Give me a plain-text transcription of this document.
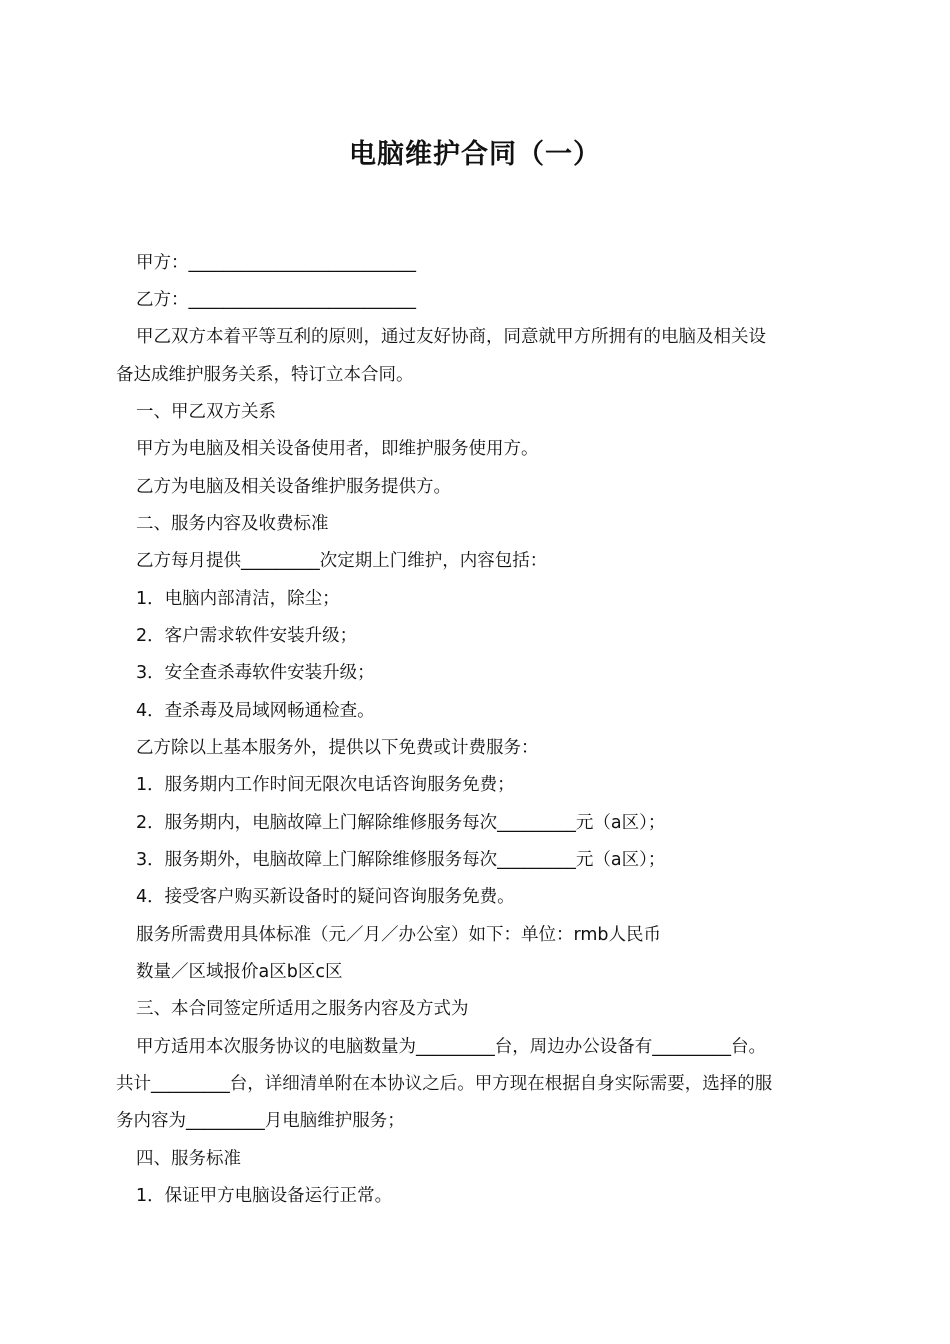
电脑维护合同（一）
甲方：__________________________
乙方：__________________________
甲乙双方本着平等互利的原则，通过友好协商，同意就甲方所拥有的电脑及相关设
备达成维护服务关系，特订立本合同。
一、甲乙双方关系
甲方为电脑及相关设备使用者，即维护服务使用方。
乙方为电脑及相关设备维护服务提供方。
二、服务内容及收费标准
乙方每月提供_________次定期上门维护，内容包括：
1．电脑内部清洁，除尘；
2．客户需求软件安装升级；
3．安全查杀毒软件安装升级；
4．查杀毒及局域网畅通检查。
乙方除以上基本服务外，提供以下免费或计费服务：
1．服务期内工作时间无限次电话咨询服务免费；
2．服务期内，电脑故障上门解除维修服务每次_________元（a区）；
3．服务期外，电脑故障上门解除维修服务每次_________元（a区）；
4．接受客户购买新设备时的疑问咨询服务免费。
服务所需费用具体标准（元／月／办公室）如下：单位：rmb人民币
数量／区域报价a区b区c区
三、本合同签定所适用之服务内容及方式为
甲方适用本次服务协议的电脑数量为_________台，周边办公设备有_________台。
共计_________台，详细清单附在本协议之后。甲方现在根据自身实际需要，选择的服
务内容为_________月电脑维护服务；
四、服务标准
1．保证甲方电脑设备运行正常。
